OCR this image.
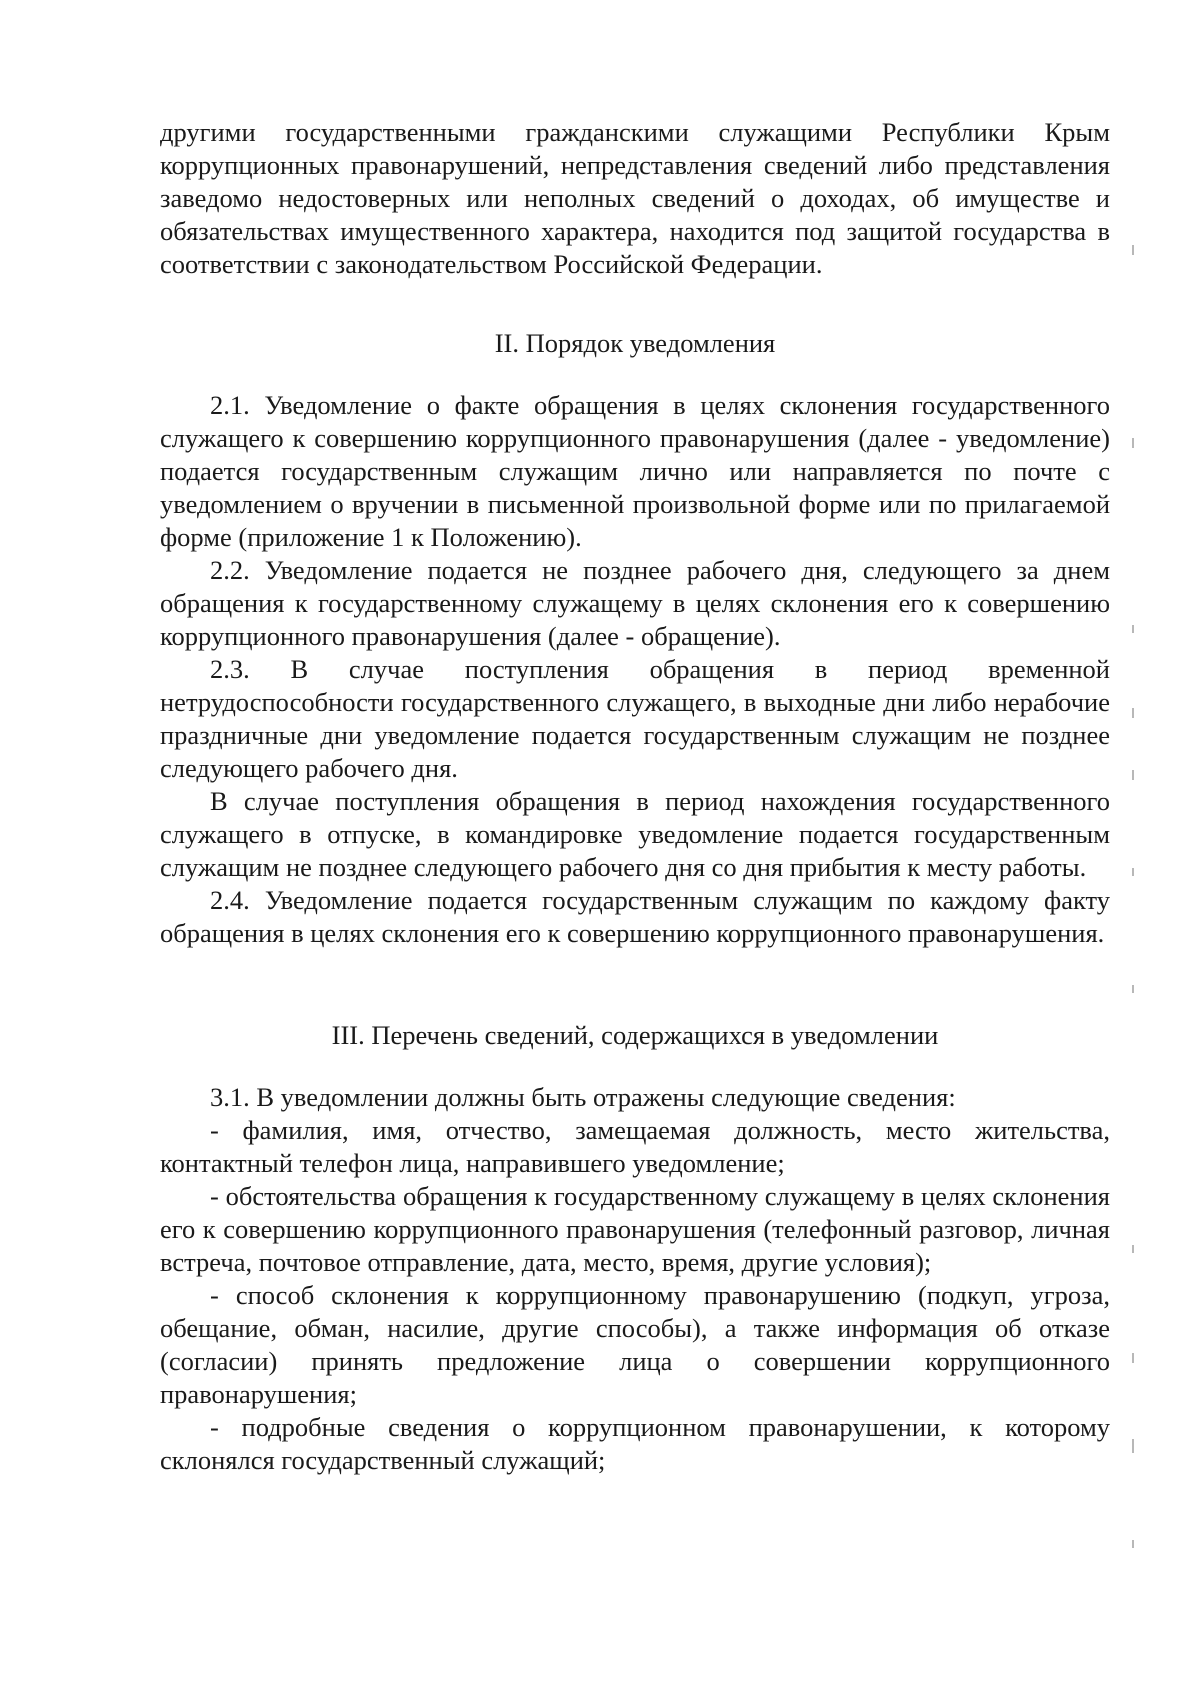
другими государственными гражданскими служащими Республики Крым коррупционных правонарушений, непредставления сведений либо представления заведомо недостоверных или неполных сведений о доходах, об имуществе и обязательствах имущественного характера, находится под защитой государства в соответствии с законодательством Российской Федерации.

II. Порядок уведомления

2.1. Уведомление о факте обращения в целях склонения государственного служащего к совершению коррупционного правонарушения (далее - уведомление) подается государственным служащим лично или направляется по почте с уведомлением о вручении в письменной произвольной форме или по прилагаемой форме (приложение 1 к Положению).

2.2. Уведомление подается не позднее рабочего дня, следующего за днем обращения к государственному служащему в целях склонения его к совершению коррупционного правонарушения (далее - обращение).

2.3. В случае поступления обращения в период временной нетрудоспособности государственного служащего, в выходные дни либо нерабочие праздничные дни уведомление подается государственным служащим не позднее следующего рабочего дня.

В случае поступления обращения в период нахождения государственного служащего в отпуске, в командировке уведомление подается государственным служащим не позднее следующего рабочего дня со дня прибытия к месту работы.

2.4. Уведомление подается государственным служащим по каждому факту обращения в целях склонения его к совершению коррупционного правонарушения.

III. Перечень сведений, содержащихся в уведомлении

3.1. В уведомлении должны быть отражены следующие сведения:

- фамилия, имя, отчество, замещаемая должность, место жительства, контактный телефон лица, направившего уведомление;
- обстоятельства обращения к государственному служащему в целях склонения его к совершению коррупционного правонарушения (телефонный разговор, личная встреча, почтовое отправление, дата, место, время, другие условия);
- способ склонения к коррупционному правонарушению (подкуп, угроза, обещание, обман, насилие, другие способы), а также информация об отказе (согласии) принять предложение лица о совершении коррупционного правонарушения;
- подробные сведения о коррупционном правонарушении, к которому склонялся государственный служащий;
